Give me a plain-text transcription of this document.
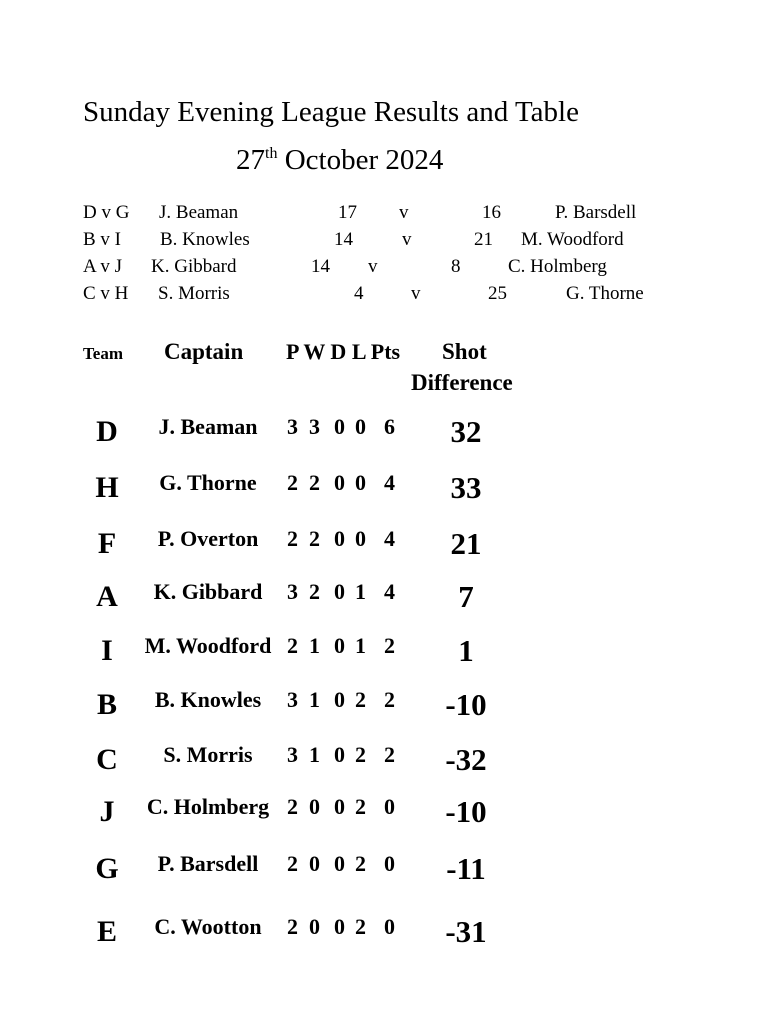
Sunday Evening League Results and Table
27th October 2024
D v G J. Beaman	17 v	16	P. Barsdell
B v I B. Knowles	14	v	21 M. Woodford
A v J K. Gibbard	14 v	8	C. Holmberg
C v H S. Morris	4	v	25	G. Thorne
Team Captain P W D L Pts Shot
Difference
D	J. Beaman	3 3 0 0 6	32
H	G. Thorne	2 2 0 0 4	33
F	P. Overton	2 2 0 0 4	21
A	K. Gibbard	3 2 0 1 4	7
I	M. Woodford 2 1 0 1 2	1
B	B. Knowles	3 1 0 2 2	-10
C	S. Morris	3 1 0 2 2	-32
J	C. Holmberg 2 0 0 2 0	-10
G	P. Barsdell	2 0 0 2 0	-11
E	C. Wootton	2 0 0 2 0	-31
